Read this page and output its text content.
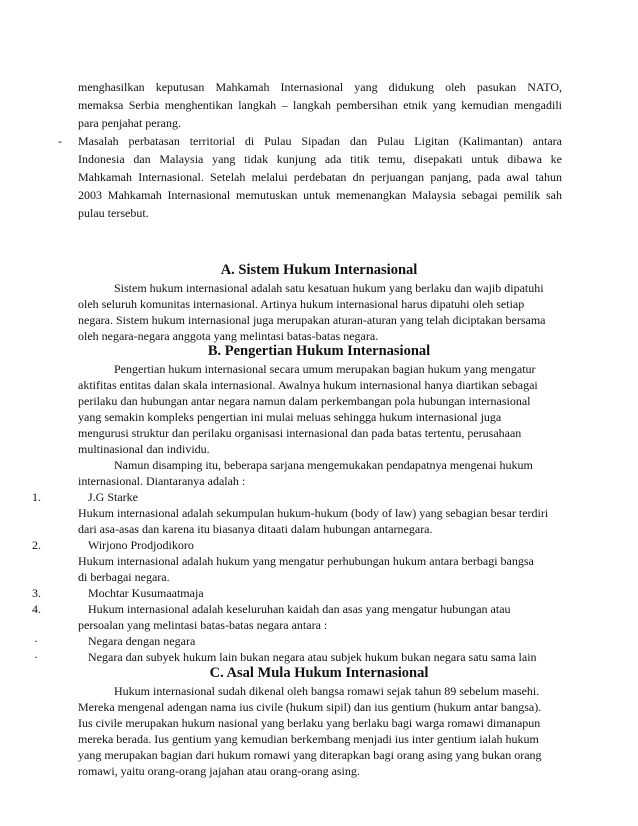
menghasilkan keputusan Mahkamah Internasional yang didukung oleh pasukan NATO,
memaksa Serbia menghentikan langkah – langkah pembersihan etnik yang kemudian mengadili
para penjahat perang.
- Masalah perbatasan territorial di Pulau Sipadan dan Pulau Ligitan (Kalimantan) antara
Indonesia dan Malaysia yang tidak kunjung ada titik temu, disepakati untuk dibawa ke
Mahkamah Internasional. Setelah melalui perdebatan dn perjuangan panjang, pada awal tahun
2003 Mahkamah Internasional memutuskan untuk memenangkan Malaysia sebagai pemilik sah
pulau tersebut.
A. Sistem Hukum Internasional
Sistem hukum internasional adalah satu kesatuan hukum yang berlaku dan wajib dipatuhi
oleh seluruh komunitas internasional. Artinya hukum internasional harus dipatuhi oleh setiap
negara. Sistem hukum internasional juga merupakan aturan-aturan yang telah diciptakan bersama
oleh negara-negara anggota yang melintasi batas-batas negara.
B. Pengertian Hukum Internasional
Pengertian hukum internasional secara umum merupakan bagian hukum yang mengatur
aktifitas entitas dalan skala internasional. Awalnya hukum internasional hanya diartikan sebagai
perilaku dan hubungan antar negara namun dalam perkembangan pola hubungan internasional
yang semakin kompleks pengertian ini mulai meluas sehingga hukum internasional juga
mengurusi struktur dan perilaku organisasi internasional dan pada batas tertentu, perusahaan
multinasional dan individu.
Namun disamping itu, beberapa sarjana mengemukakan pendapatnya mengenai hukum
internasional. Diantaranya adalah :
1.	J.G Starke
Hukum internasional adalah sekumpulan hukum-hukum (body of law) yang sebagian besar terdiri
dari asa-asas dan karena itu biasanya ditaati dalam hubungan antarnegara.
2.	Wirjono Prodjodikoro
Hukum internasional adalah hukum yang mengatur perhubungan hukum antara berbagi bangsa
di berbagai negara.
3.	Mochtar Kusumaatmaja
4.	Hukum internasional adalah keseluruhan kaidah dan asas yang mengatur hubungan atau
persoalan yang melintasi batas-batas negara antara :
·	Negara dengan negara
·	Negara dan subyek hukum lain bukan negara atau subjek hukum bukan negara satu sama lain
C. Asal Mula Hukum Internasional
Hukum internasional sudah dikenal oleh bangsa romawi sejak tahun 89 sebelum masehi.
Mereka mengenal adengan nama ius civile (hukum sipil) dan ius gentium (hukum antar bangsa).
Ius civile merupakan hukum nasional yang berlaku yang berlaku bagi warga romawi dimanapun
mereka berada. Ius gentium yang kemudian berkembang menjadi ius inter gentium ialah hukum
yang merupakan bagian dari hukum romawi yang diterapkan bagi orang asing yang bukan orang
romawi, yaitu orang-orang jajahan atau orang-orang asing.
